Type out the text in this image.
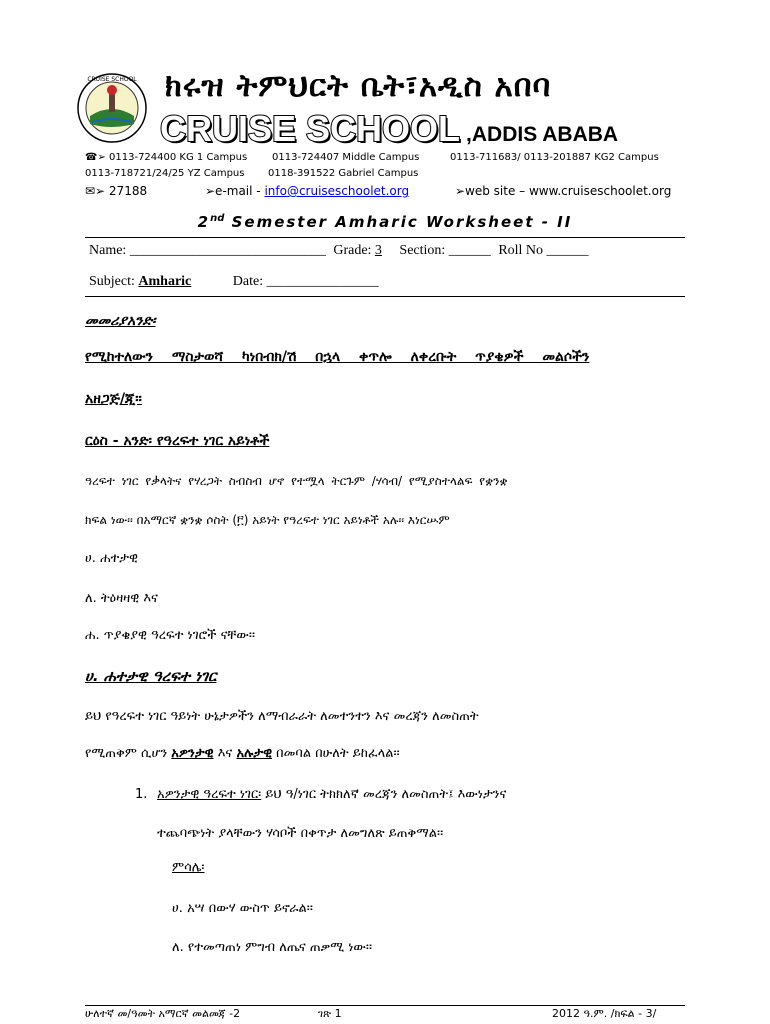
CRUISE SCHOOL ክሩዝ ትምህርት ቤት፣አዲስ አበባ
CRUISE SCHOOL ,ADDIS ABABA
☎➢ 0113-724400 KG 1 Campus 0113-724407 Middle Campus	0113-711683/ 0113-201887 KG2 Campus
0113-718721/24/25 YZ Campus 0118-391522 Gabriel Campus
✉➢ 27188	➢e-mail - info@cruiseschoolet.org	➢web site – www.cruiseschoolet.org
2nd Semester Amharic Worksheet - II
Name: ____________________________ Grade: 3 Section: ______ Roll No ______
Subject: Amharic	Date: ________________
መመሪያአንድ፡
የሚከተለውን ማስታወሻ ካነበብክ/ሽ በኋላ ቀጥሎ ለቀረቡት ጥያቄዎች መልሶችን
አዘጋጅ/ጂ፡፡
ርዕስ - አንድ፡ የዓረፍተ ነገር አይነቶች
ዓረፍተ ነገር የቃላትና የሃረጋት ስብስብ ሆኖ የተሟላ ትርጉም /ሃሳብ/ የሚያስተላልፍ የቋንቋ
ክፍል ነው፡፡ በአማርኛ ቋንቋ ሶስት (፫) አይነት የዓረፍተ ነገር አይነቶች አሉ፡፡ እነርሡም
ሀ. ሐተታዊ
ለ. ትዕዛዛዊ እና
ሐ. ጥያቄያዊ ዓረፍተ ነገሮች ናቸው፡፡
ሀ. ሐተታዊ ዓረፍተ ነገር
ይህ የዓረፍተ ነገር ዓይነት ሁኔታዎችን ለማብራራት ለመተንተን እና መረጃን ለመስጠት
የሚጠቅም ሲሆን አዎንታዊ እና አሉታዊ በመባል በሁለት ይከፈላል፡፡
1. አዎንታዊ ዓረፍተ ነገር፡ ይህ ዓ/ነገር ትክክለኛ መረጃን ለመስጠት፤ እውነታንና
ተጨባጭነት ያላቸውን ሃሳቦች በቀጥታ ለመግለጽ ይጠቅማል፡፡
ምሳሌ፡
ሀ. አሣ በውሃ ውስጥ ይኖራል፡፡
ለ. የተመጣጠነ ምግብ ለጤና ጠቃሚ ነው፡፡
ሁለተኛ መ/ዓመት አማርኛ መልመጃ -2	ገጽ 1	2012 ዓ.ም. /ክፍል - 3/
